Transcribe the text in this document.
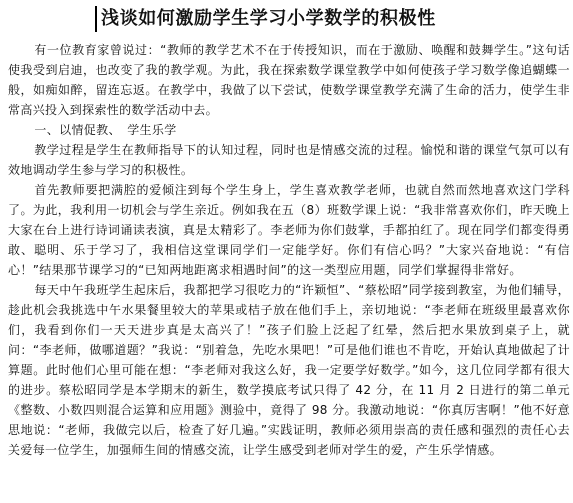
浅谈如何激励学生学习小学数学的积极性

有一位教育家曾说过：“教师的教学艺术不在于传授知识，而在于激励、唤醒和鼓舞学生。”这句话使我受到启迪，也改变了我的教学观。为此，我在探索数学课堂教学中如何使孩子学习数学像追蝴蝶一般，如痴如醉，留连忘返。在教学中，我做了以下尝试，使数学课堂教学充满了生命的活力，使学生非常高兴投入到探索性的数学活动中去。

一、以情促教、　学生乐学

教学过程是学生在教师指导下的认知过程，同时也是情感交流的过程。愉悦和谐的课堂气氛可以有效地调动学生参与学习的积极性。

首先教师要把满腔的爱倾注到每个学生身上，学生喜欢教学老师，也就自然而然地喜欢这门学科了。为此，我利用一切机会与学生亲近。例如我在五（8）班数学课上说：“我非常喜欢你们，昨天晚上大家在台上进行诗词诵读表演，真是太精彩了。李老师为你们鼓掌，手都拍红了。现在同学们都变得勇敢、聪明、乐于学习了，我相信这堂课同学们一定能学好。你们有信心吗？”大家兴奋地说：“有信心！”结果那节课学习的“已知两地距离求相遇时间”的这一类型应用题，同学们掌握得非常好。

每天中午我班学生起床后，我都把学习很吃力的“许颖恒”、“蔡松昭”同学接到教室，为他们辅导，趁此机会我挑选中午水果餐里较大的苹果或桔子放在他们手上，亲切地说：“李老师在班级里最喜欢你们，我看到你们一天天进步真是太高兴了！”孩子们脸上泛起了红晕，然后把水果放到桌子上，就问：“李老师，做哪道题？”我说：“别着急，先吃水果吧！”可是他们谁也不肯吃，开始认真地做起了计算题。此时他们心里可能在想：“李老师对我这么好，我一定要学好数学。”如今，这几位同学都有很大的进步。蔡松昭同学是本学期末的新生，数学摸底考试只得了 42 分，在 11 月 2 日进行的第二单元《整数、小数四则混合运算和应用题》测验中，竟得了 98 分。我激动地说：“你真厉害啊！”他不好意思地说：“老师，我做完以后，检查了好几遍。”实践证明，教师必须用崇高的责任感和强烈的责任心去关爱每一位学生，加强师生间的情感交流，让学生感受到老师对学生的爱，产生乐学情感。
